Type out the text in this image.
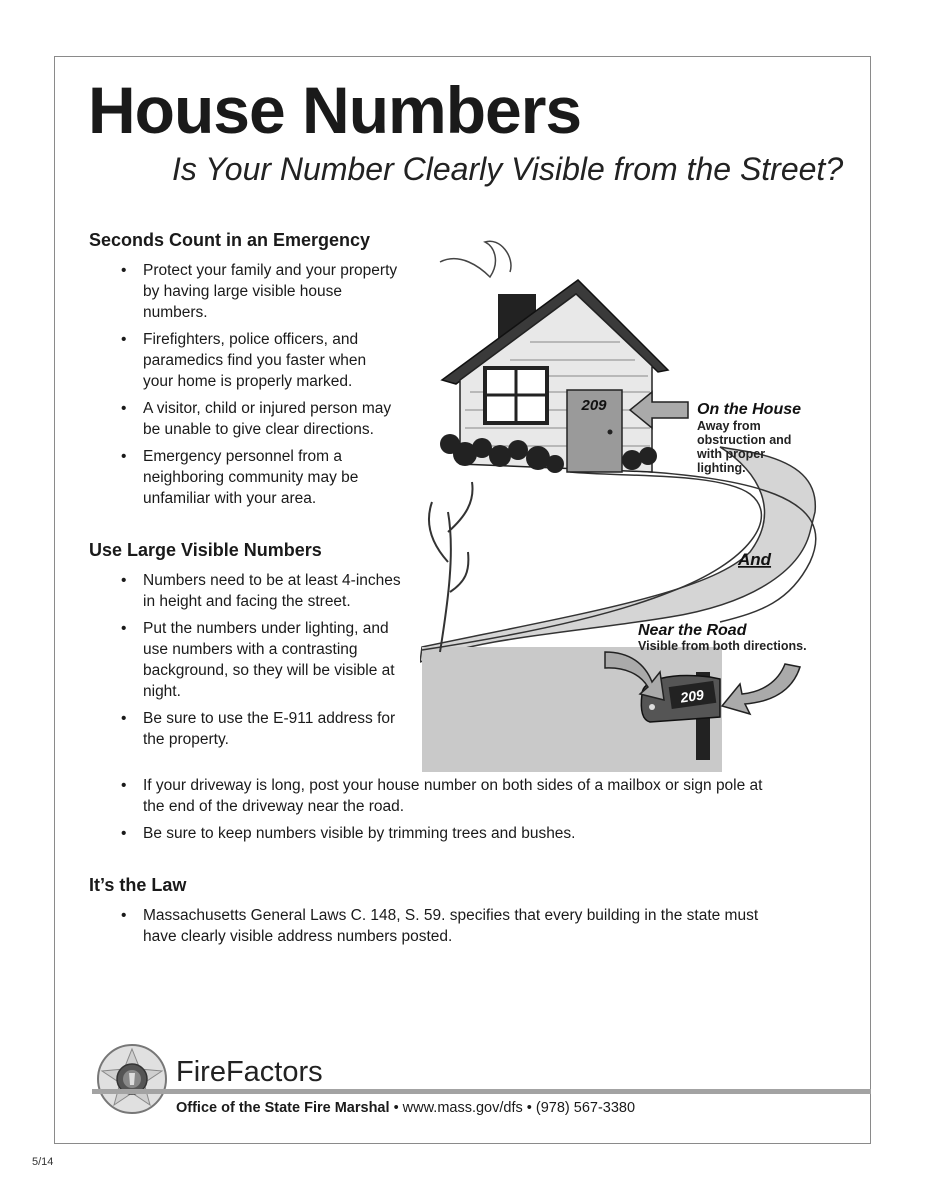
House Numbers
Is Your Number Clearly Visible from the Street?
Seconds Count in an Emergency
• Protect your family and your property by having large visible house numbers.
• Firefighters, police officers, and paramedics find you faster when your home is properly marked.
• A visitor, child or injured person may be unable to give clear directions.
• Emergency personnel from a neighboring community may be unfamiliar with your area.
Use Large Visible Numbers
• Numbers need to be at least 4-inches in height and facing the street.
• Put the numbers under lighting, and use numbers with a contrasting background, so they will be visible at night.
• Be sure to use the E-911 address for the property.
• If your driveway is long, post your house number on both sides of a mailbox or sign pole at the end of the driveway near the road.
• Be sure to keep numbers visible by trimming trees and bushes.
It’s the Law
• Massachusetts General Laws C. 148, S. 59. specifies that every building in the state must have clearly visible address numbers posted.
209	On the House
Away from
obstruction and
with proper
lighting.
And
Near the Road
Visible from both directions.
209
FireFactors
Office of the State Fire Marshal • www.mass.gov/dfs • (978) 567-3380
5/14
